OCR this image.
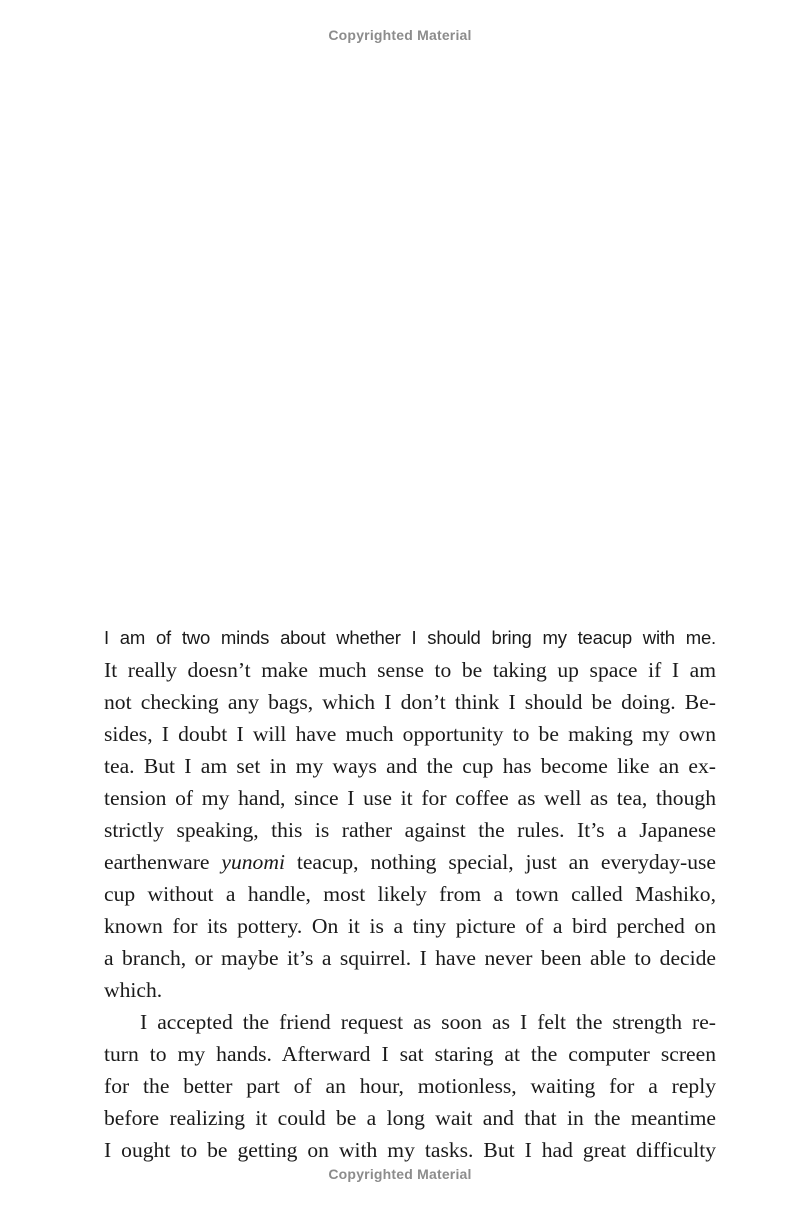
Copyrighted Material
I am of two minds about whether I should bring my teacup with me.
It really doesn’t make much sense to be taking up space if I am
not checking any bags, which I don’t think I should be doing. Be-
sides, I doubt I will have much opportunity to be making my own
tea. But I am set in my ways and the cup has become like an ex-
tension of my hand, since I use it for coffee as well as tea, though
strictly speaking, this is rather against the rules. It’s a Japanese
earthenware yunomi teacup, nothing special, just an everyday-use
cup without a handle, most likely from a town called Mashiko,
known for its pottery. On it is a tiny picture of a bird perched on
a branch, or maybe it’s a squirrel. I have never been able to decide
which.
I accepted the friend request as soon as I felt the strength re-
turn to my hands. Afterward I sat staring at the computer screen
for the better part of an hour, motionless, waiting for a reply
before realizing it could be a long wait and that in the meantime
I ought to be getting on with my tasks. But I had great difficulty
Copyrighted Material
